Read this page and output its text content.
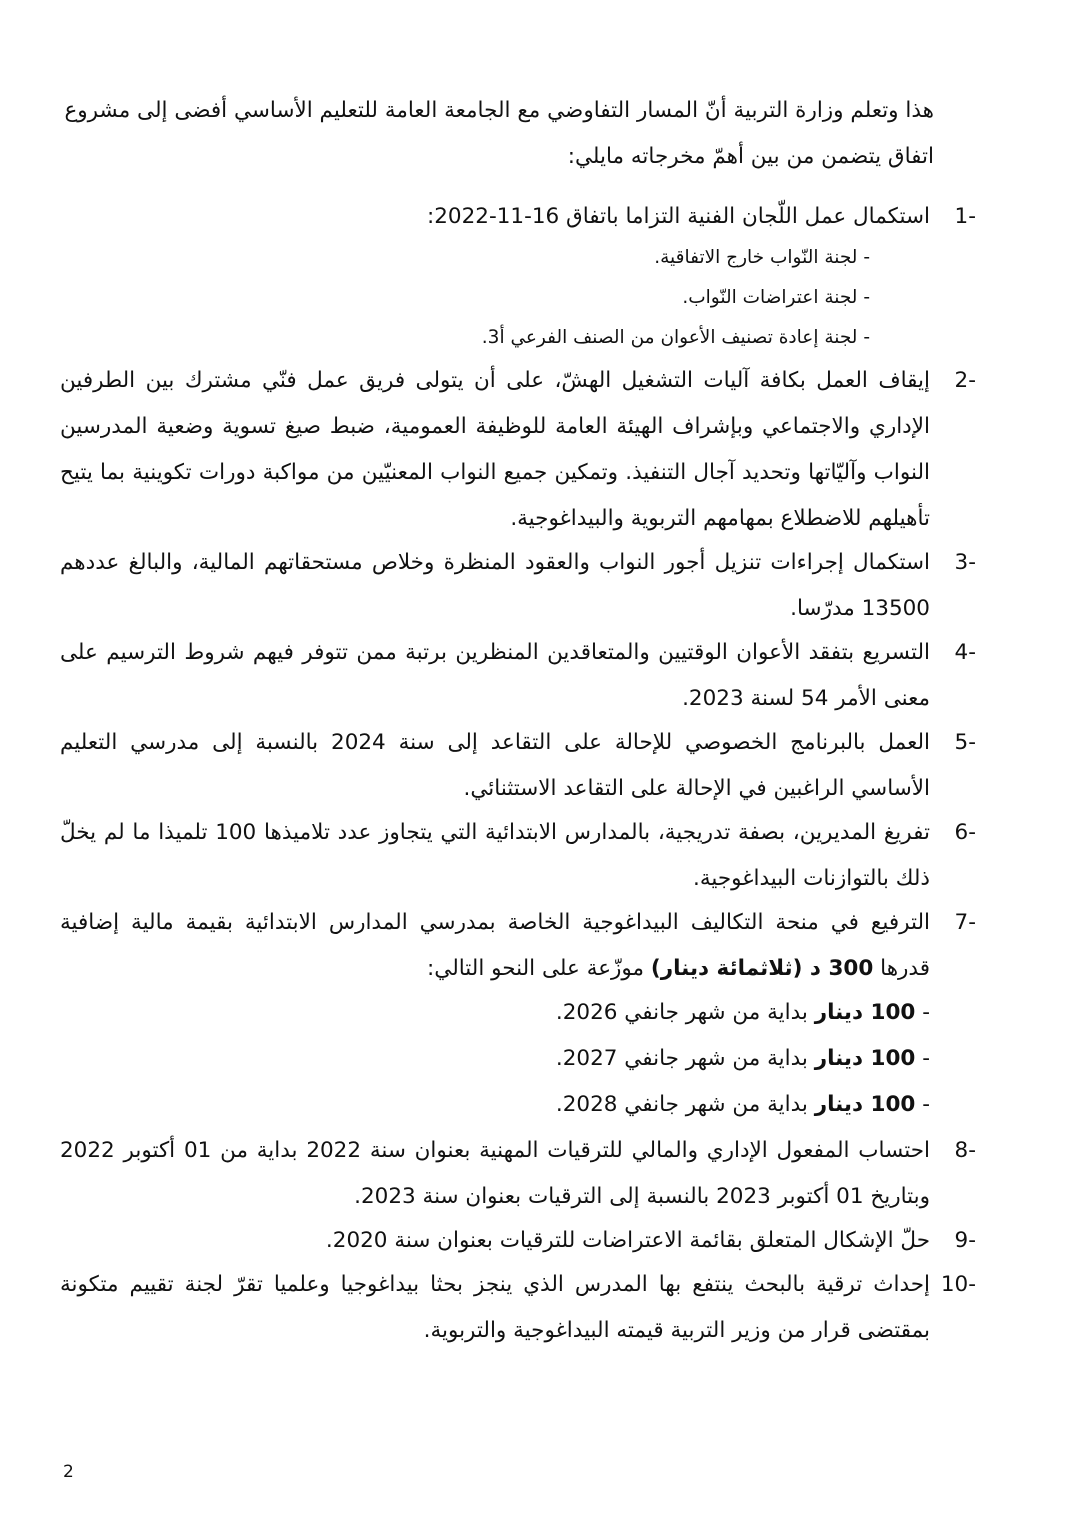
هذا وتعلم وزارة التربية أنّ المسار التفاوضي مع الجامعة العامة للتعليم الأساسي أفضى إلى مشروع
اتفاق يتضمن من بين أهمّ مخرجاته مايلي:
-1
استكمال عمل اللّجان الفنية التزاما باتفاق 16-11-2022:
- لجنة النّواب خارج الاتفاقية.
- لجنة اعتراضات النّواب.
- لجنة إعادة تصنيف الأعوان من الصنف الفرعي أ3.
-2
إيقاف العمل بكافة آليات التشغيل الهشّ، على أن يتولى فريق عمل فنّي مشترك بين الطرفين الإداري والاجتماعي وبإشراف الهيئة العامة للوظيفة العمومية، ضبط صيغ تسوية وضعية المدرسين النواب وآليّاتها وتحديد آجال التنفيذ. وتمكين جميع النواب المعنيّين من مواكبة دورات تكوينية بما يتيح تأهيلهم للاضطلاع بمهامهم التربوية والبيداغوجية.
-3
استكمال إجراءات تنزيل أجور النواب والعقود المنظرة وخلاص مستحقاتهم المالية، والبالغ عددهم 13500 مدرّسا.
-4
التسريع بتفقد الأعوان الوقتيين والمتعاقدين المنظرين برتبة ممن تتوفر فيهم شروط الترسيم على معنى الأمر 54 لسنة 2023.
-5
العمل بالبرنامج الخصوصي للإحالة على التقاعد إلى سنة 2024 بالنسبة إلى مدرسي التعليم الأساسي الراغبين في الإحالة على التقاعد الاستثنائي.
-6
تفريغ المديرين، بصفة تدريجية، بالمدارس الابتدائية التي يتجاوز عدد تلاميذها 100 تلميذا ما لم يخلّ ذلك بالتوازنات البيداغوجية.
-7
الترفيع في منحة التكاليف البيداغوجية الخاصة بمدرسي المدارس الابتدائية بقيمة مالية إضافية قدرها 300 د (ثلاثمائة دينار) موزّعة على النحو التالي:
- 100 دينار بداية من شهر جانفي 2026.
- 100 دينار بداية من شهر جانفي 2027.
- 100 دينار بداية من شهر جانفي 2028.
-8
احتساب المفعول الإداري والمالي للترقيات المهنية بعنوان سنة 2022 بداية من 01 أكتوبر 2022 وبتاريخ 01 أكتوبر 2023 بالنسبة إلى الترقيات بعنوان سنة 2023.
-9
حلّ الإشكال المتعلق بقائمة الاعتراضات للترقيات بعنوان سنة 2020.
-10
إحداث ترقية بالبحث ينتفع بها المدرس الذي ينجز بحثا بيداغوجيا وعلميا تقرّ لجنة تقييم متكونة بمقتضى قرار من وزير التربية قيمته البيداغوجية والتربوية.
2
